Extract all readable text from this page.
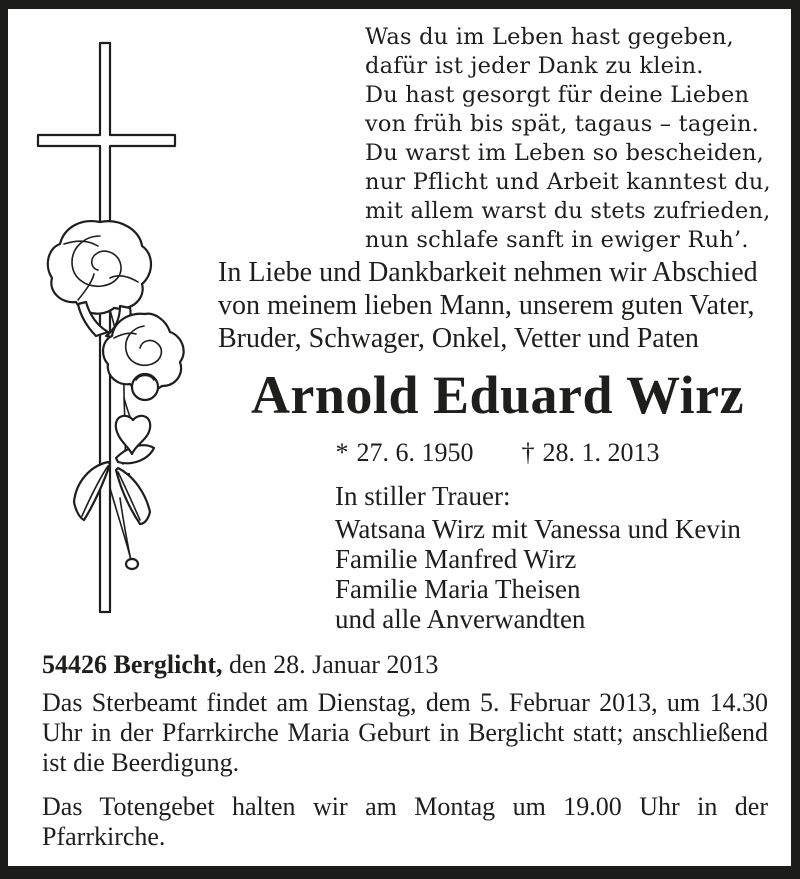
Was du im Leben hast gegeben,
dafür ist jeder Dank zu klein.
Du hast gesorgt für deine Lieben
von früh bis spät, tagaus – tagein.
Du warst im Leben so bescheiden,
nur Pflicht und Arbeit kanntest du,
mit allem warst du stets zufrieden,
nun schlafe sanft in ewiger Ruh’.
In Liebe und Dankbarkeit nehmen wir Abschied
von meinem lieben Mann, unserem guten Vater,
Bruder, Schwager, Onkel, Vetter und Paten
Arnold Eduard Wirz
* 27. 6. 1950 † 28. 1. 2013
In stiller Trauer:
Watsana Wirz mit Vanessa und Kevin
Familie Manfred Wirz
Familie Maria Theisen
und alle Anverwandten
54426 Berglicht, den 28. Januar 2013
Das Sterbeamt findet am Dienstag, dem 5. Februar 2013, um 14.30 Uhr in der Pfarrkirche Maria Geburt in Berglicht statt; anschließend ist die Beerdigung.
Das Totengebet halten wir am Montag um 19.00 Uhr in der Pfarrkirche.
